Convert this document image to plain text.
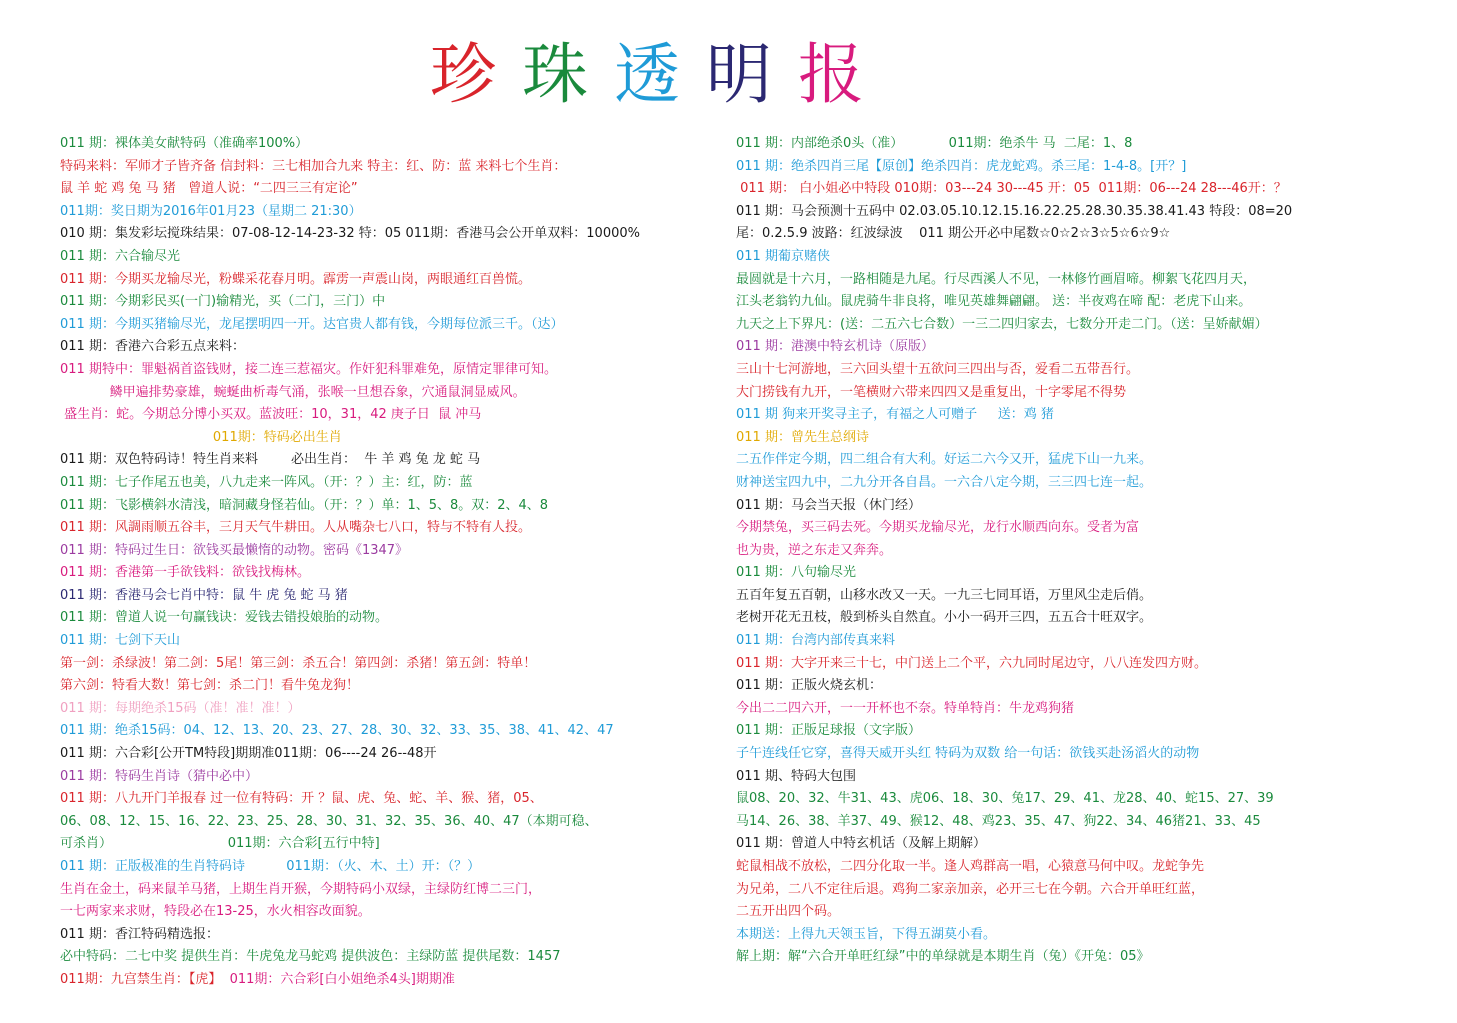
珍 珠 透 明 报
011 期：裸体美女献特码（准确率100%）
特码来料：军师才子皆齐备 信封料：三七相加合九来 特主：红、防：蓝 来料七个生肖：
鼠 羊 蛇 鸡 兔 马 猪   曾道人说：“二四三三有定论”
011期：奖日期为2016年01月23（星期二 21:30）
010 期：集发彩坛搅珠结果：07-08-12-14-23-32 特：05 011期：香港马会公开单双料：10000%
011 期：六合输尽光
011 期：今期买龙输尽光，粉蝶采花春月明。霹雳一声震山岗，两眼通红百兽慌。
011 期：今期彩民买(一门)输精光，买（二门，三门）中
011 期：今期买猪输尽光，龙尾摆明四一开。达官贵人都有钱，今期每位派三千。（达）
011 期：香港六合彩五点来料：
011 期特中：罪魁祸首盗钱财，接二连三惹福灾。作奸犯科罪难免，原情定罪律可知。
鳞甲遍排势豪雄，蜿蜒曲析毒气涌，张喉一旦想吞象，穴通鼠洞显威风。
盛生肖：蛇。今期总分博小买双。蓝波旺：10，31，42 庚子日  鼠 冲马
011期：特码必出生肖
011 期：双色特码诗！特生肖来料        必出生肖：  牛 羊 鸡 兔 龙 蛇 马
011 期：七子作尾五也美，八九走来一阵风。（开：？）主：红，防：蓝
011 期：飞影横斜水清浅，暗洞藏身怪若仙。（开：？）单：1、5、8。双：2、4、8
011 期：风調雨顺五谷丰，三月天气牛耕田。人从嘴杂七八口，特与不特有人投。
011 期：特码过生日：欲钱买最懒惰的动物。密码《1347》
011 期：香港第一手欲钱料：欲钱找梅林。
011 期：香港马会七肖中特：鼠 牛 虎 兔 蛇 马 猪
011 期：曾道人说一句赢钱诀：爱钱去错投娘胎的动物。
011 期：七剑下天山
第一剑：杀绿波！第二剑：5尾！第三剑：杀五合！第四剑：杀猪！第五剑：特单！
第六剑：特看大数！第七剑：杀二门！看牛兔龙狗！
011 期：每期绝杀15码（准！准！准！）
011 期：绝杀15码：04、12、13、20、23、27、28、30、32、33、35、38、41、42、47
011 期：六合彩[公开TM特段]期期准011期：06----24 26--48开
011 期：特码生肖诗（猜中必中）
011 期：八九开门羊报春 过一位有特码：开 ？鼠、虎、兔、蛇、羊、猴、猪，05、
06、08、12、15、16、22、23、25、28、30、31、32、35、36、40、47（本期可稳、
可杀肖）                            011期：六合彩[五行中特]
011 期：正版极准的生肖特码诗          011期：（火、木、土）开：（？）
生肖在金土，码来鼠羊马猪，上期生肖开猴，今期特码小双绿，主绿防红博二三门，
一七两家来求财，特段必在13-25，水火相容改面貌。
011 期：香江特码精选报：
必中特码：二七中奖 提供生肖：牛虎兔龙马蛇鸡 提供波色：主绿防蓝 提供尾数：1457
011期：九宫禁生肖：【虎】  011期：六合彩[白小姐绝杀4头]期期准
011 期：内部绝杀0头（准）           011期：绝杀牛 马  二尾：1、8
011 期：绝杀四肖三尾【原创】绝杀四肖：虎龙蛇鸡。杀三尾：1-4-8。[开？]
011 期： 白小姐必中特段 010期：03---24 30---45 开：05  011期：06---24 28---46开：？
011 期：马会预测十五码中 02.03.05.10.12.15.16.22.25.28.30.35.38.41.43 特段：08=20
尾：0.2.5.9 波路：红波绿波    011 期公开必中尾数☆0☆2☆3☆5☆6☆9☆
011 期葡京赌侠
最圆就是十六月，一路相随是九尾。行尽西溪人不见，一林修竹画眉啼。柳絮飞花四月天，
江头老翁钓九仙。鼠虎骑牛非良将，唯见英雄舞翩翩。 送：半夜鸡在啼 配：老虎下山来。
九天之上下界凡：(送：二五六七合数）一三二四归家去，七数分开走二门。（送：呈娇献媚）
011 期：港澳中特玄机诗（原版）
三山十七河游地，三六回头望十五欲问三四出与否，爱看二五带吾行。
大门捞钱有九开，一笔横财六带来四四又是重复出，十字零尾不得势
011 期 狗来开奖寻主子，有福之人可赠子     送：鸡 猪
011 期：曾先生总纲诗
二五作伴定今期，四二组合有大利。好运二六今又开，猛虎下山一九来。
财神送宝四九中，二九分开各自昌。一六合八定今期，三三四七连一起。
011 期：马会当天报（休门经）
今期禁兔，买三码去死。今期买龙输尽光，龙行水顺西向东。受者为富
也为贵，逆之东走又奔奔。
011 期：八句输尽光
五百年复五百朝，山移水改又一天。一九三七同耳语，万里风尘走后俏。
老树开花无丑枝，般到桥头自然直。小小一码开三四，五五合十旺双字。
011 期：台湾内部传真来料
011 期：大字开来三十七，中门送上二个平，六九同时尾边守，八八连发四方财。
011 期：正版火烧玄机：
今出二二四六开，一一开杯也不奈。特单特肖：牛龙鸡狗猪
011 期：正版足球报（文字版）
子午连线任它穿，喜得天威开头红 特码为双数 给一句话：欲钱买赴汤滔火的动物
011 期、特码大包围
鼠08、20、32、牛31、43、虎06、18、30、兔17、29、41、龙28、40、蛇15、27、39
马14、26、38、羊37、49、猴12、48、鸡23、35、47、狗22、34、46猪21、33、45
011 期：曾道人中特玄机话（及解上期解）
蛇鼠相战不放松，二四分化取一半。逢人鸡群高一唱，心猿意马何中叹。龙蛇争先
为兄弟，二八不定往后退。鸡狗二家亲加亲，必开三七在今朝。六合开单旺红蓝，
二五开出四个码。
本期送：上得九天领玉旨，下得五湖莫小看。
解上期：解“六合开单旺红绿”中的单绿就是本期生肖（兔）《开兔：05》
